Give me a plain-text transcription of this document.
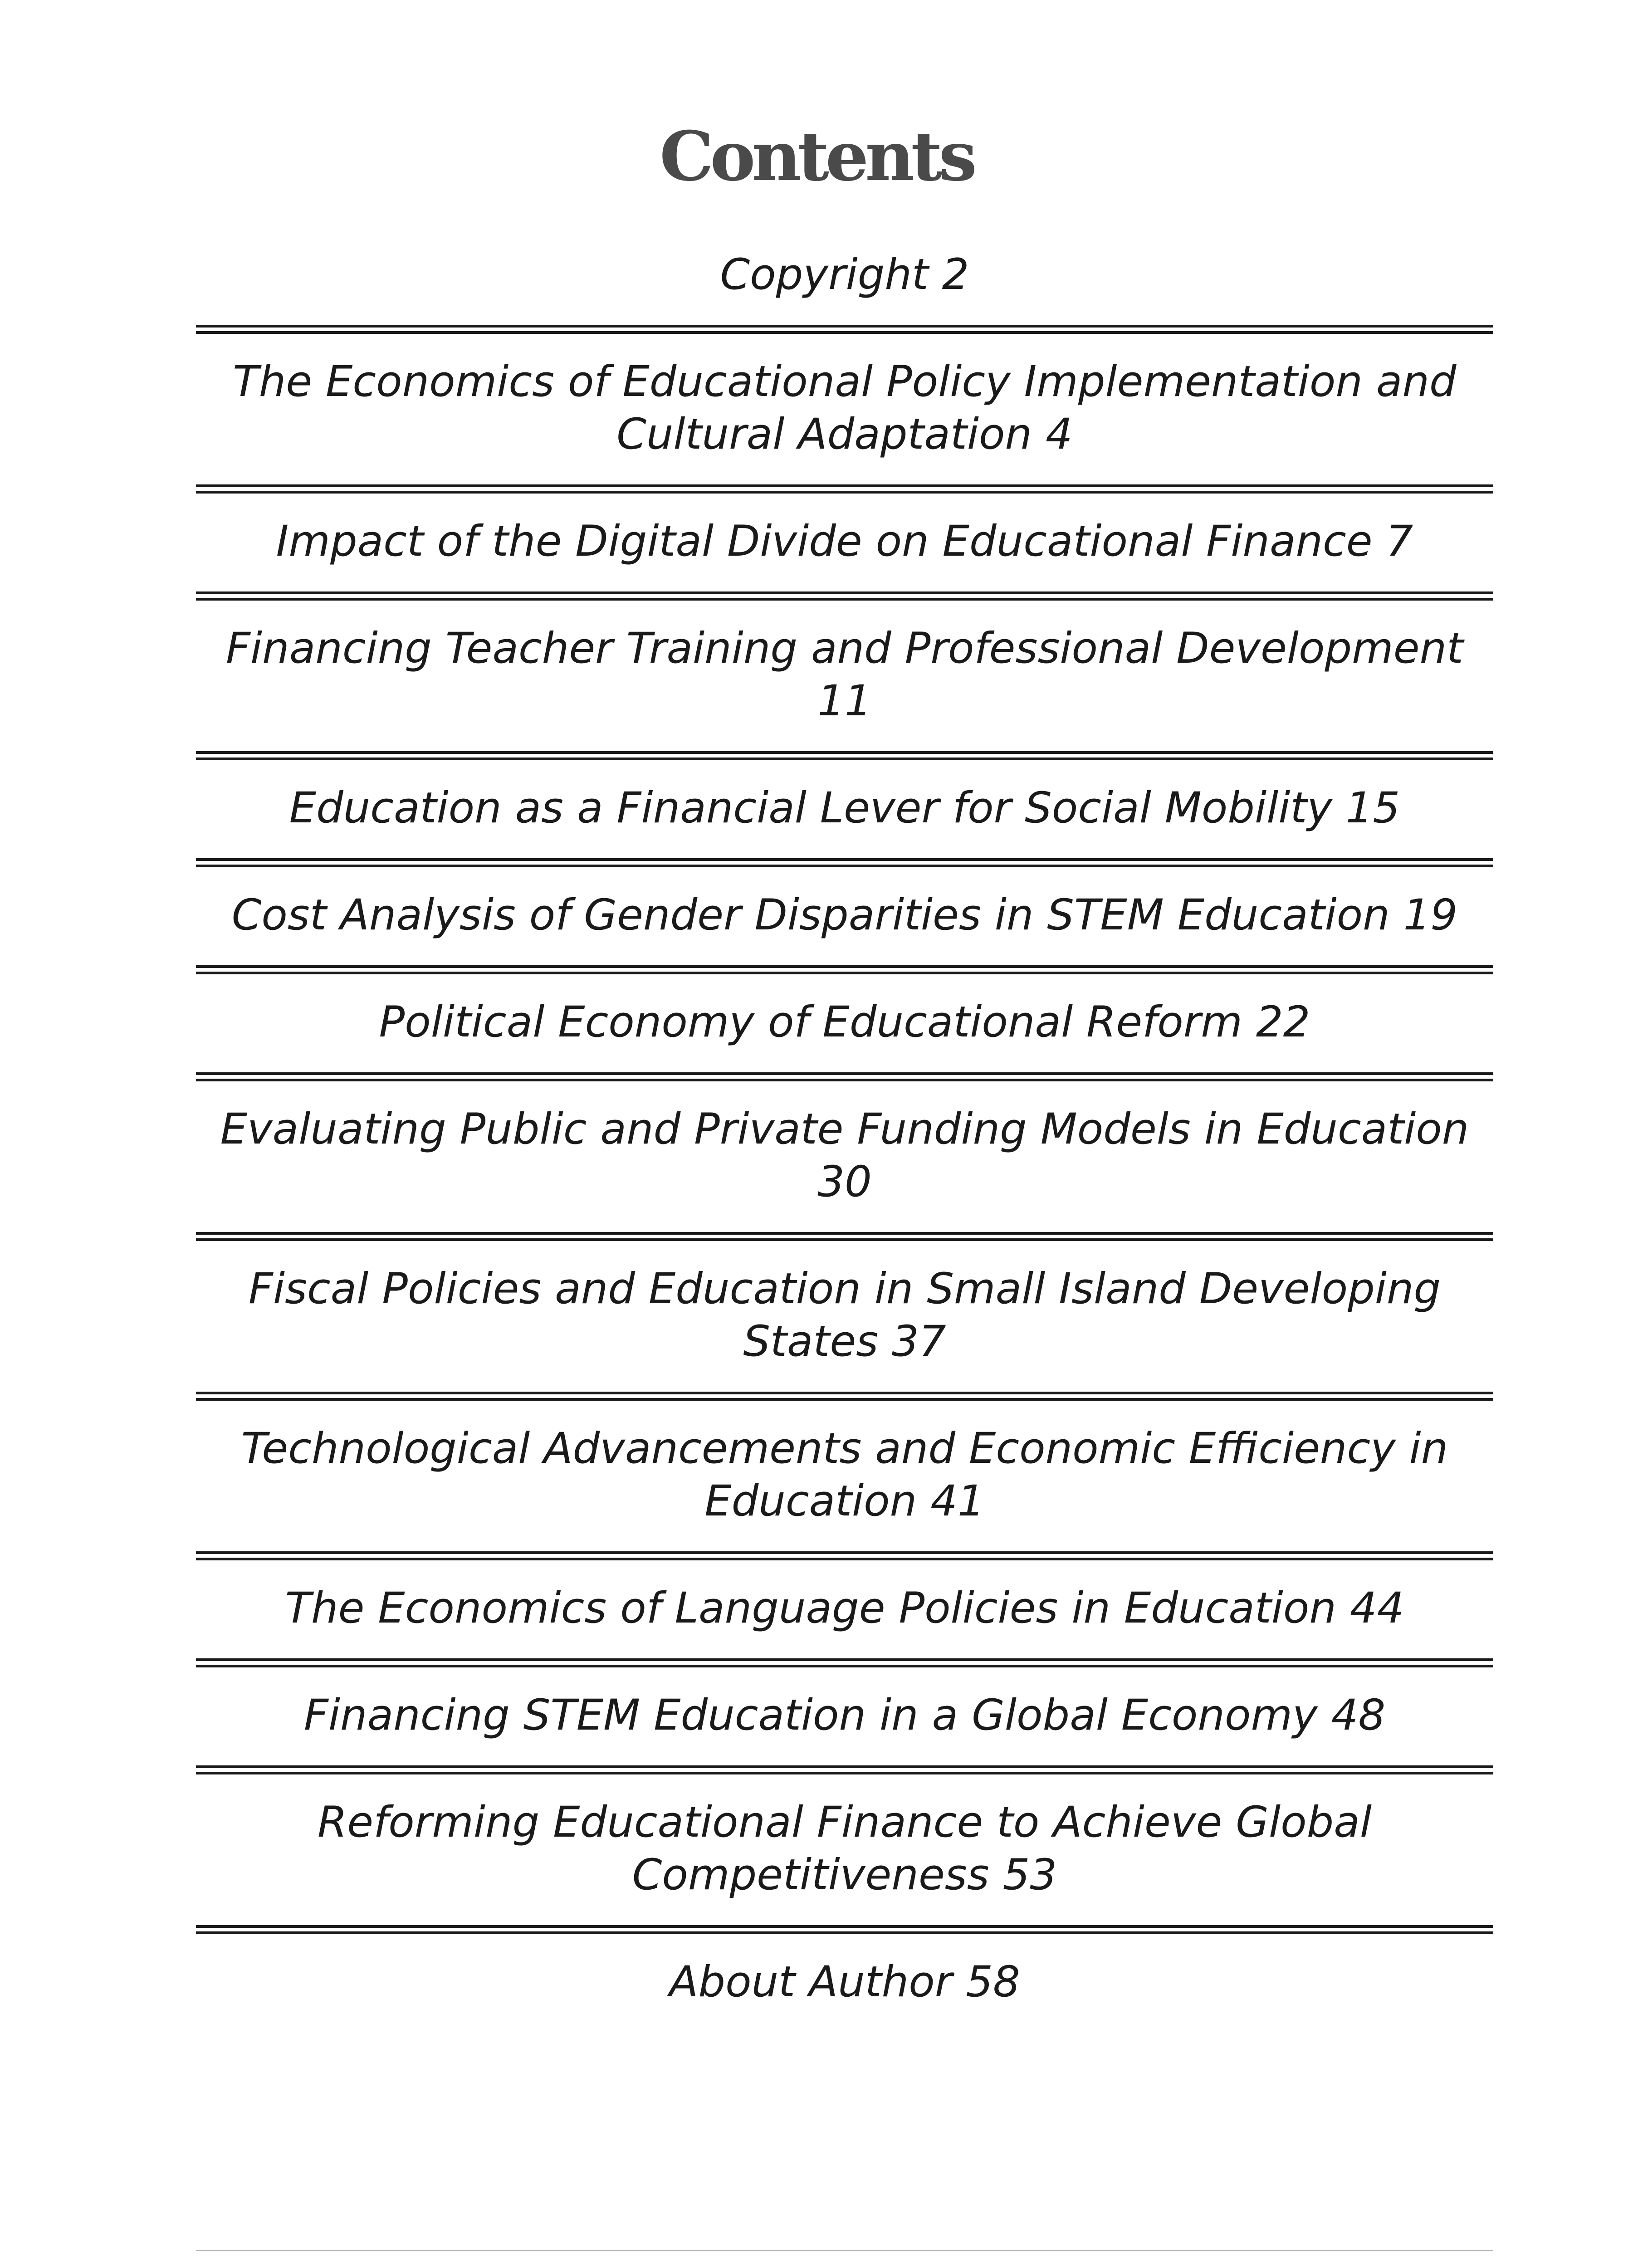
Contents
Copyright 2
The Economics of Educational Policy Implementation and Cultural Adaptation 4
Impact of the Digital Divide on Educational Finance 7
Financing Teacher Training and Professional Development 11
Education as a Financial Lever for Social Mobility 15
Cost Analysis of Gender Disparities in STEM Education 19
Political Economy of Educational Reform 22
Evaluating Public and Private Funding Models in Education 30
Fiscal Policies and Education in Small Island Developing States 37
Technological Advancements and Economic Efficiency in Education 41
The Economics of Language Policies in Education 44
Financing STEM Education in a Global Economy 48
Reforming Educational Finance to Achieve Global Competitiveness 53
About Author 58
